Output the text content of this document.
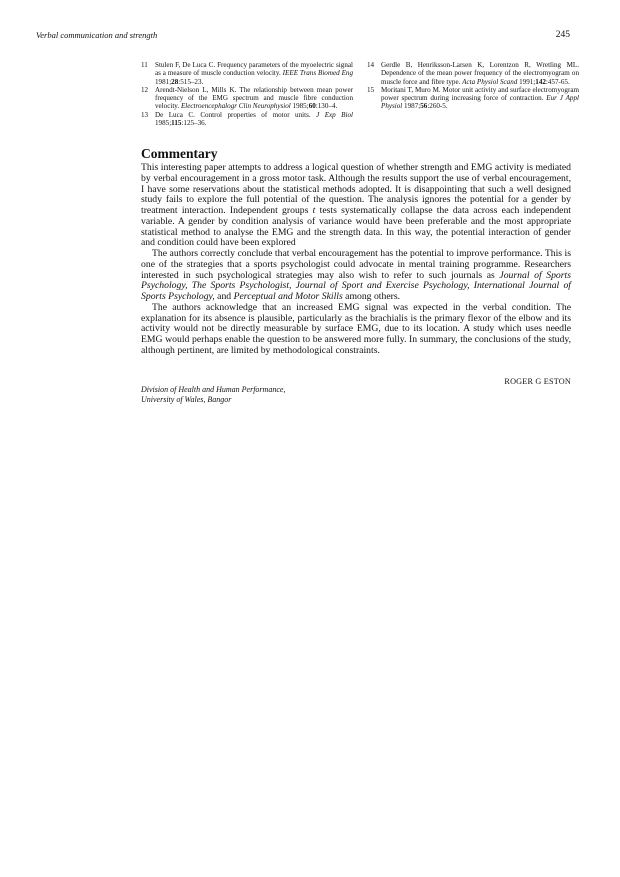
Verbal communication and strength	245
11 Stulen F, De Luca C. Frequency parameters of the myoelectric signal as a measure of muscle conduction velocity. IEEE Trans Biomed Eng 1981;28:515–23.
12 Arendt-Nielson L, Mills K. The relationship between mean power frequency of the EMG spectrum and muscle fibre conduction velocity. Electroencephalogr Clin Neurophysiol 1985;60:130–4.
13 De Luca C. Control properties of motor units. J Exp Biol 1985;115:125–36.
14 Gerdle B, Henriksson-Larsen K, Lorentzon R, Wretling ML. Dependence of the mean power frequency of the electromyogram on muscle force and fibre type. Acta Physiol Scand 1991;142:457-65.
15 Moritani T, Muro M. Motor unit activity and surface electromyogram power spectrum during increasing force of contraction. Eur J Appl Physiol 1987;56:260-5.
Commentary

This interesting paper attempts to address a logical question of whether strength and EMG activity is mediated by verbal encouragement in a gross motor task. Although the results support the use of verbal encouragement, I have some reservations about the statistical methods adopted. It is disappointing that such a well designed study fails to explore the full potential of the question. The analysis ignores the potential for a gender by treatment interaction. Independent groups t tests systematically collapse the data across each independent variable. A gender by condition analysis of variance would have been preferable and the most appropriate statistical method to analyse the EMG and the strength data. In this way, the potential interaction of gender and condition could have been explored

The authors correctly conclude that verbal encouragement has the potential to improve performance. This is one of the strategies that a sports psychologist could advocate in mental training programme. Researchers interested in such psychological strategies may also wish to refer to such journals as Journal of Sports Psychology, The Sports Psychologist, Journal of Sport and Exercise Psychology, International Journal of Sports Psychology, and Perceptual and Motor Skills among others.

The authors acknowledge that an increased EMG signal was expected in the verbal condition. The explanation for its absence is plausible, particularly as the brachialis is the primary flexor of the elbow and its activity would not be directly measurable by surface EMG, due to its location. A study which uses needle EMG would perhaps enable the question to be answered more fully. In summary, the conclusions of the study, although pertinent, are limited by methodological constraints.

ROGER G ESTON
Division of Health and Human Performance,
University of Wales, Bangor
